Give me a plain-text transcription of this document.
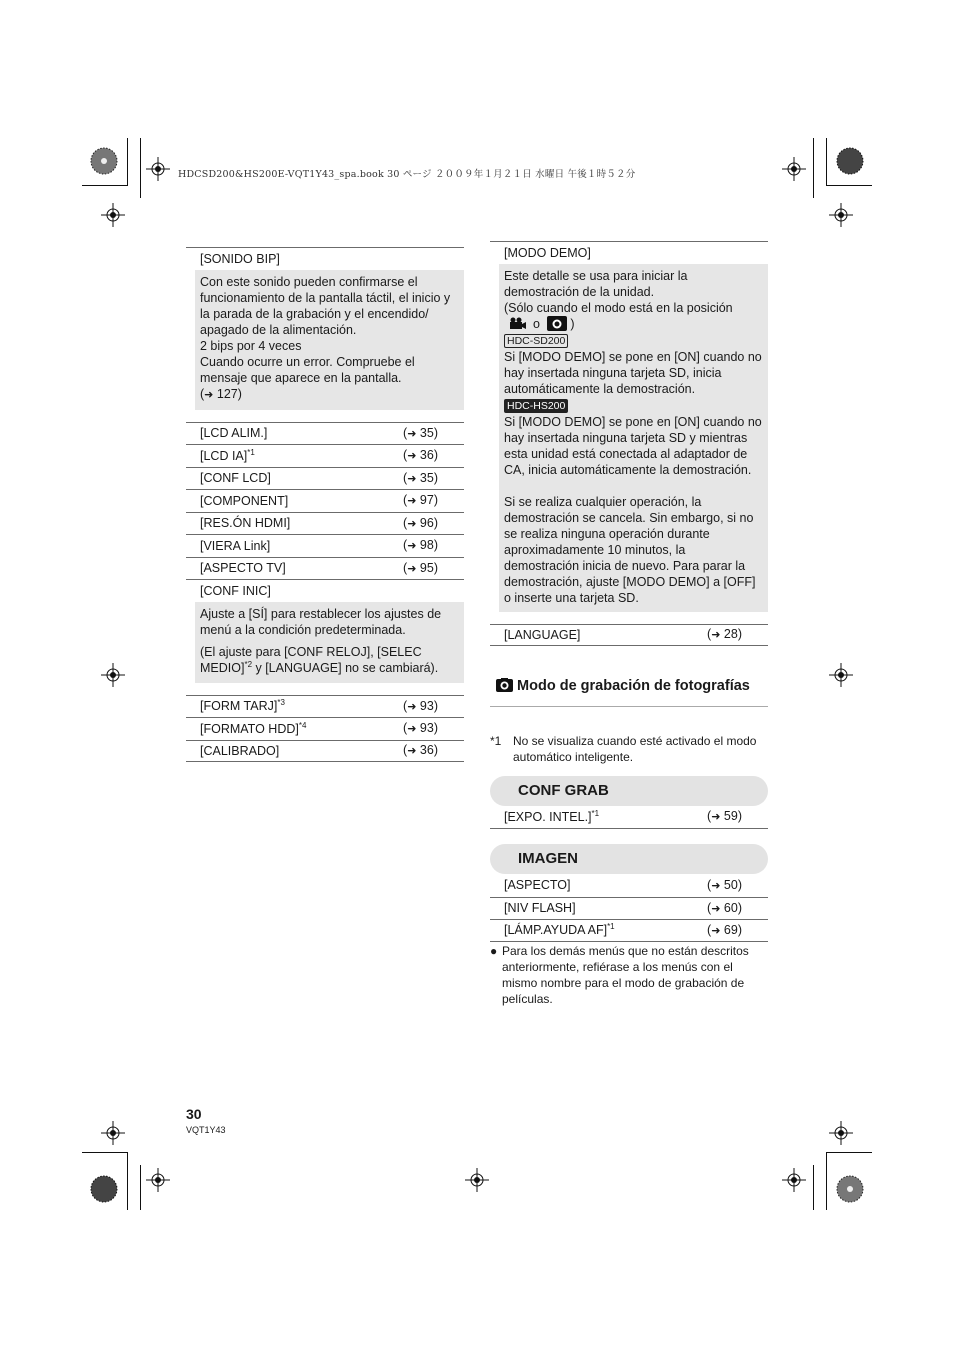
HDCSD200&HS200E-VQT1Y43_spa.book 30 ページ ２００９年１月２１日 水曜日 午後１時５２分
[SONIDO BIP]

Con este sonido pueden confirmarse el funcionamiento de la pantalla táctil, el inicio y la parada de la grabación y el encendido/ apagado de la alimentación.

2 bips por 4 veces

Cuando ocurre un error. Compruebe el mensaje que aparece en la pantalla.

(➜ 127)

[LCD ALIM.]	(➜ 35)
[LCD IA]$^{*1}$	(➜ 36)
[CONF LCD]	(➜ 35)
[COMPONENT]	(➜ 97)
[RES.ÓN HDMI]	(➜ 96)
[VIERA Link]	(➜ 98)
[ASPECTO TV]	(➜ 95)
[CONF INIC]

Ajuste a [SÍ] para restablecer los ajustes de menú a la condición predeterminada.

(El ajuste para [CONF RELOJ], [SELEC MEDIO]$^{*2}$ y [LANGUAGE] no se cambiará).

[FORM TARJ]$^{*3}$	(➜ 93)
[FORMATO HDD]$^{*4}$	(➜ 93)
[CALIBRADO]	(➜ 36)
[MODO DEMO]

Este detalle se usa para iniciar la demostración de la unidad.

(Sólo cuando el modo está en la posición

o )

HDC-SD200

Si [MODO DEMO] se pone en [ON] cuando no hay insertada ninguna tarjeta SD, inicia automáticamente la demostración.

HDC-HS200

Si [MODO DEMO] se pone en [ON] cuando no hay insertada ninguna tarjeta SD y mientras esta unidad está conectada al adaptador de CA, inicia automáticamente la demostración.

Si se realiza cualquier operación, la demostración se cancela. Sin embargo, si no se realiza ninguna operación durante aproximadamente 10 minutos, la demostración inicia de nuevo. Para parar la demostración, ajuste [MODO DEMO] a [OFF] o inserte una tarjeta SD.

[LANGUAGE]	(➜ 28)
Modo de grabación de fotografías
*1 No se visualiza cuando esté activado el modo automático inteligente.
CONF GRAB
[EXPO. INTEL.]$^{*1}$	(➜ 59)
IMAGEN
[ASPECTO]	(➜ 50)
[NIV FLASH]	(➜ 60)
[LÁMP.AYUDA AF]$^{*1}$	(➜ 69)
● Para los demás menús que no están descritos anteriormente, refiérase a los menús con el mismo nombre para el modo de grabación de películas.
30
VQT1Y43
